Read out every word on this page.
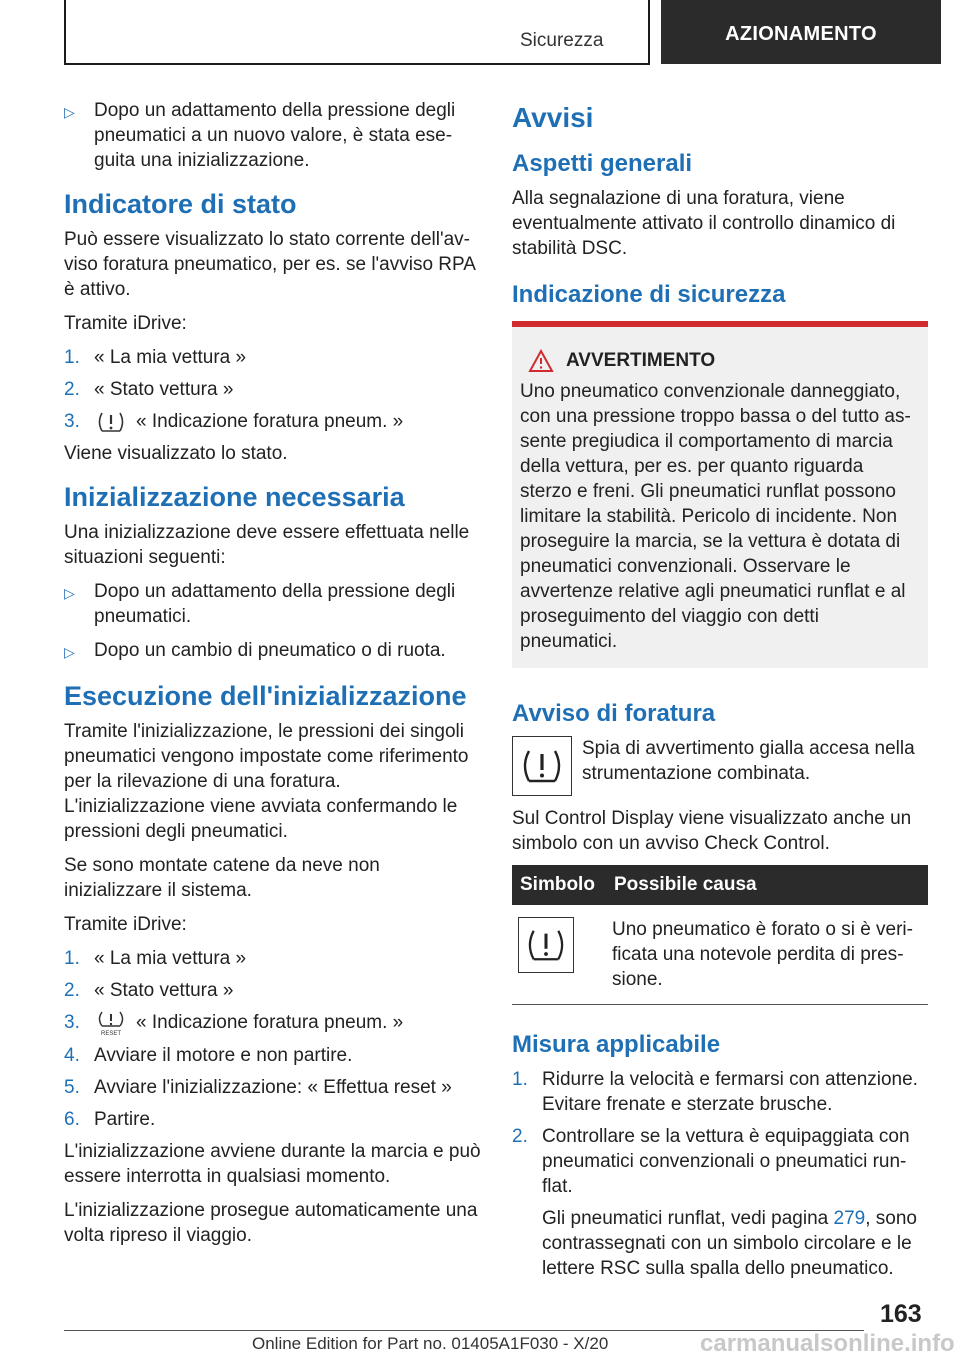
Sicurezza	AZIONAMENTO
▷	Dopo un adattamento della pressione degli pneumatici a un nuovo valore, è stata eseguita una inizializzazione.
Indicatore di stato

Può essere visualizzato lo stato corrente dell'avviso foratura pneumatico, per es. se l'avviso RPA è attivo.

Tramite iDrive:

1. « La mia vettura »
2. « Stato vettura »
3.	« Indicazione foratura pneum. »

Viene visualizzato lo stato.

Inizializzazione necessaria

Una inizializzazione deve essere effettuata nelle situazioni seguenti:

▷	Dopo un adattamento della pressione degli pneumatici.
▷	Dopo un cambio di pneumatico o di ruota.
Esecuzione dell'inizializzazione

Tramite l'inizializzazione, le pressioni dei singoli pneumatici vengono impostate come riferimento per la rilevazione di una foratura. L'inizializzazione viene avviata confermando le pressioni degli pneumatici.

Se sono montate catene da neve non inizializzare il sistema.

Tramite iDrive:

1. « La mia vettura »
2. « Stato vettura »
3.
RESET
« Indicazione foratura pneum. »
4. Avviare il motore e non partire.
5. Avviare l'inizializzazione: « Effettua reset »
6. Partire.

L'inizializzazione avviene durante la marcia e può essere interrotta in qualsiasi momento.

L'inizializzazione prosegue automaticamente una volta ripreso il viaggio.

Avvisi
Aspetti generali

Alla segnalazione di una foratura, viene eventualmente attivato il controllo dinamico di stabilità DSC.

Indicazione di sicurezza
AVVERTIMENTO

Uno pneumatico convenzionale danneggiato, con una pressione troppo bassa o del tutto assente pregiudica il comportamento di marcia della vettura, per es. per quanto riguarda sterzo e freni. Gli pneumatici runflat possono limitare la stabilità. Pericolo di incidente. Non proseguire la marcia, se la vettura è dotata di pneumatici convenzionali. Osservare le avvertenze relative agli pneumatici runflat e al proseguimento del viaggio con detti pneumatici.

Avviso di foratura

Spia di avvertimento gialla accesa nella strumentazione combinata.

Sul Control Display viene visualizzato anche un simbolo con un avviso Check Control.

Simbolo	Possibile causa

	Uno pneumatico è forato o si è verificata una notevole perdita di pressione.
Misura applicabile
1. Ridurre la velocità e fermarsi con attenzione. Evitare frenate e sterzate brusche.
2. Controllare se la vettura è equipaggiata con pneumatici convenzionali o pneumatici runflat.

Gli pneumatici runflat, vedi pagina 279, sono contrassegnati con un simbolo circolare e le lettere RSC sulla spalla dello pneumatico.

163
Online Edition for Part no. 01405A1F030 - X/20	carmanualsonline.info
